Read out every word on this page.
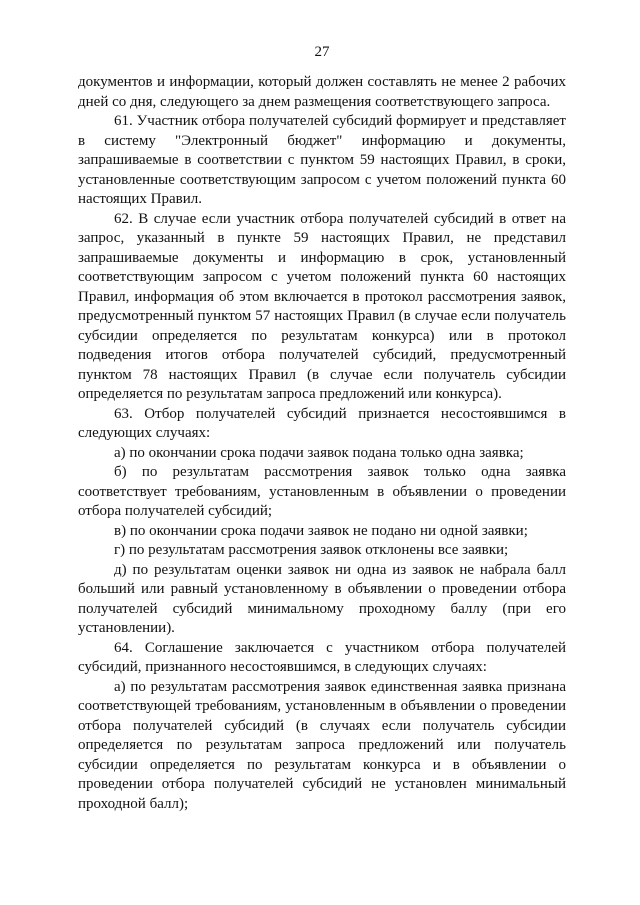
27

документов и информации, который должен составлять не менее 2 рабочих дней со дня, следующего за днем размещения соответствующего запроса.

61. Участник отбора получателей субсидий формирует и представляет в систему "Электронный бюджет" информацию и документы, запрашиваемые в соответствии с пунктом 59 настоящих Правил, в сроки, установленные соответствующим запросом с учетом положений пункта 60 настоящих Правил.

62. В случае если участник отбора получателей субсидий в ответ на запрос, указанный в пункте 59 настоящих Правил, не представил запрашиваемые документы и информацию в срок, установленный соответствующим запросом с учетом положений пункта 60 настоящих Правил, информация об этом включается в протокол рассмотрения заявок, предусмотренный пунктом 57 настоящих Правил (в случае если получатель субсидии определяется по результатам конкурса) или в протокол подведения итогов отбора получателей субсидий, предусмотренный пунктом 78 настоящих Правил (в случае если получатель субсидии определяется по результатам запроса предложений или конкурса).

63. Отбор получателей субсидий признается несостоявшимся в следующих случаях:

а) по окончании срока подачи заявок подана только одна заявка;

б) по результатам рассмотрения заявок только одна заявка соответствует требованиям, установленным в объявлении о проведении отбора получателей субсидий;

в) по окончании срока подачи заявок не подано ни одной заявки;

г) по результатам рассмотрения заявок отклонены все заявки;

д) по результатам оценки заявок ни одна из заявок не набрала балл больший или равный установленному в объявлении о проведении отбора получателей субсидий минимальному проходному баллу (при его установлении).

64. Соглашение заключается с участником отбора получателей субсидий, признанного несостоявшимся, в следующих случаях:

а) по результатам рассмотрения заявок единственная заявка признана соответствующей требованиям, установленным в объявлении о проведении отбора получателей субсидий (в случаях если получатель субсидии определяется по результатам запроса предложений или получатель субсидии определяется по результатам конкурса и в объявлении о проведении отбора получателей субсидий не установлен минимальный проходной балл);
